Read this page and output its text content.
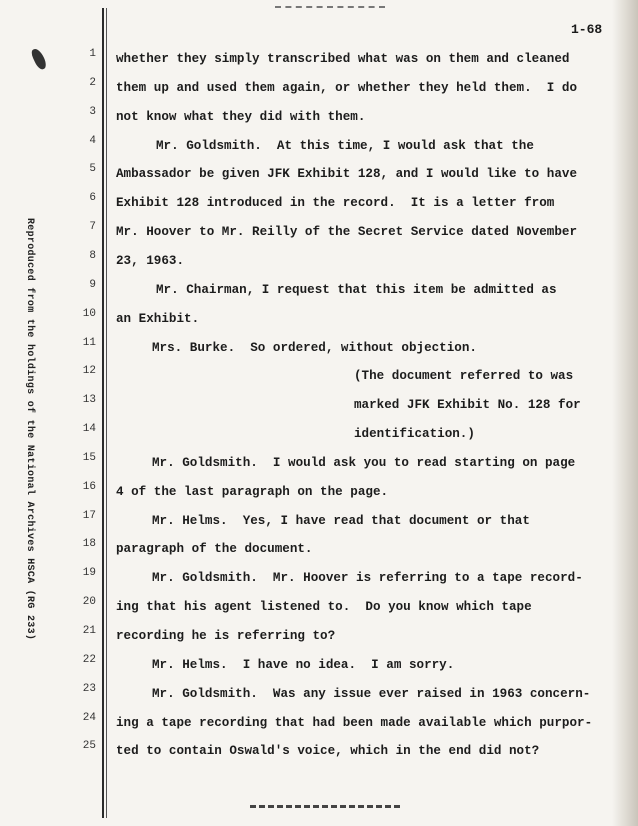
Reproduced from the holdings of the National Archives HSCA (RG 233)
1-68
1 whether they simply transcribed what was on them and cleaned
2 them up and used them again, or whether they held them.  I do
3 not know what they did with them.
4	Mr. Goldsmith.  At this time, I would ask that the
5 Ambassador be given JFK Exhibit 128, and I would like to have
6 Exhibit 128 introduced in the record.  It is a letter from
7 Mr. Hoover to Mr. Reilly of the Secret Service dated November
8 23, 1963.
9	Mr. Chairman, I request that this item be admitted as
10 an Exhibit.
11	Mrs. Burke.  So ordered, without objection.
12	(The document referred to was
13	marked JFK Exhibit No. 128 for
14	identification.)
15	Mr. Goldsmith.  I would ask you to read starting on page
16 4 of the last paragraph on the page.
17	Mr. Helms.  Yes, I have read that document or that
18 paragraph of the document.
19	Mr. Goldsmith.  Mr. Hoover is referring to a tape record-
20 ing that his agent listened to.  Do you know which tape
21 recording he is referring to?
22	Mr. Helms.  I have no idea.  I am sorry.
23	Mr. Goldsmith.  Was any issue ever raised in 1963 concern-
24 ing a tape recording that had been made available which purpor-
25 ted to contain Oswald's voice, which in the end did not?
